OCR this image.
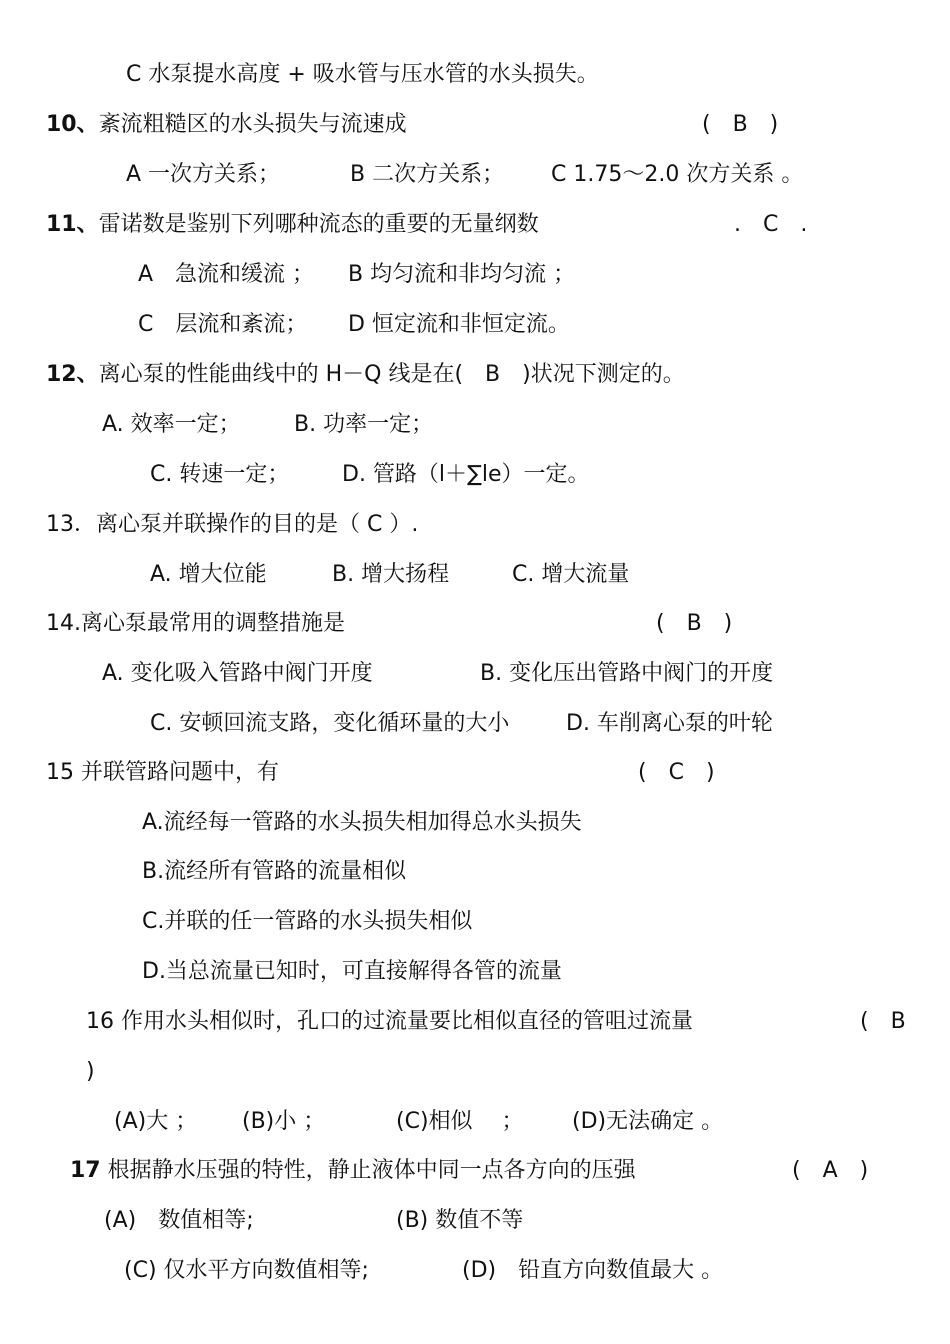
C 水泵提水高度 + 吸水管与压水管的水头损失。
10、紊流粗糙区的水头损失与流速成	(　B　)
A 一次方关系；	B 二次方关系； C 1.75～2.0 次方关系 。
11、雷诺数是鉴别下列哪种流态的重要的无量纲数	.　C　.
A　急流和缓流 ； B 均匀流和非均匀流 ；
C　层流和紊流； D 恒定流和非恒定流。
12、离心泵的性能曲线中的 H－Q 线是在(　B　)状况下测定的。
A. 效率一定； B. 功率一定；
C. 转速一定； D. 管路（l＋∑le）一定。
13．离心泵并联操作的目的是（ C ）.
A. 增大位能	B. 增大扬程	C. 增大流量
14.离心泵最常用的调整措施是	(　B　)
A. 变化吸入管路中阀门开度	B. 变化压出管路中阀门的开度
C. 安顿回流支路，变化循环量的大小	D. 车削离心泵的叶轮
15 并联管路问题中，有	(　C　)
A.流经每一管路的水头损失相加得总水头损失
B.流经所有管路的流量相似
C.并联的任一管路的水头损失相似
D.当总流量已知时，可直接解得各管的流量
16 作用水头相似时，孔口的过流量要比相似直径的管咀过流量	(　B
)
(A)大 ； (B)小 ；	(C)相似　 ； (D)无法确定 。
17 根据静水压强的特性，静止液体中同一点各方向的压强	(　A　)
(A)　数值相等;	(B) 数值不等
(C) 仅水平方向数值相等;	(D)　铅直方向数值最大 。
